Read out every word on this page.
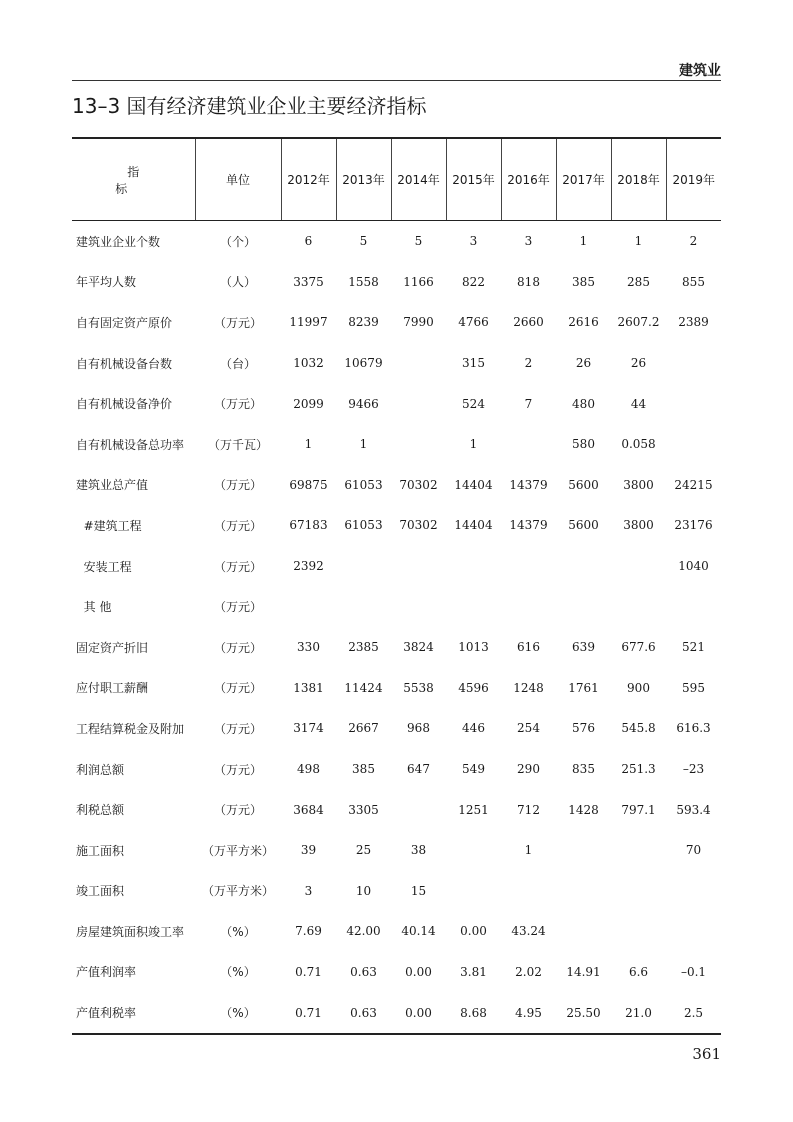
建筑业
13–3 国有经济建筑业企业主要经济指标
指 标	单位	2012年	2013年	2014年	2015年	2016年	2017年	2018年	2019年
建筑业企业个数	（个）	6	5	5	3	3	1	1	2
年平均人数	（人）	3375	1558	1166	822	818	385	285	855
自有固定资产原价	（万元）	11997	8239	7990	4766	2660	2616	2607.2	2389
自有机械设备台数	（台）	1032	10679		315	2	26	26	
自有机械设备净价	（万元）	2099	9466		524	7	480	44	
自有机械设备总功率	（万千瓦）	1	1		1		580	0.058	
建筑业总产值	（万元）	69875	61053	70302	14404	14379	5600	3800	24215
#建筑工程	（万元）	67183	61053	70302	14404	14379	5600	3800	23176
安装工程	（万元）	2392							1040
其 他	（万元）								
固定资产折旧	（万元）	330	2385	3824	1013	616	639	677.6	521
应付职工薪酬	（万元）	1381	11424	5538	4596	1248	1761	900	595
工程结算税金及附加	（万元）	3174	2667	968	446	254	576	545.8	616.3
利润总额	（万元）	498	385	647	549	290	835	251.3	–23
利税总额	（万元）	3684	3305		1251	712	1428	797.1	593.4
施工面积	（万平方米）	39	25	38		1			70
竣工面积	（万平方米）	3	10	15					
房屋建筑面积竣工率	（%）	7.69	42.00	40.14	0.00	43.24			
产值利润率	（%）	0.71	0.63	0.00	3.81	2.02	14.91	6.6	–0.1
产值利税率	（%）	0.71	0.63	0.00	8.68	4.95	25.50	21.0	2.5
361
